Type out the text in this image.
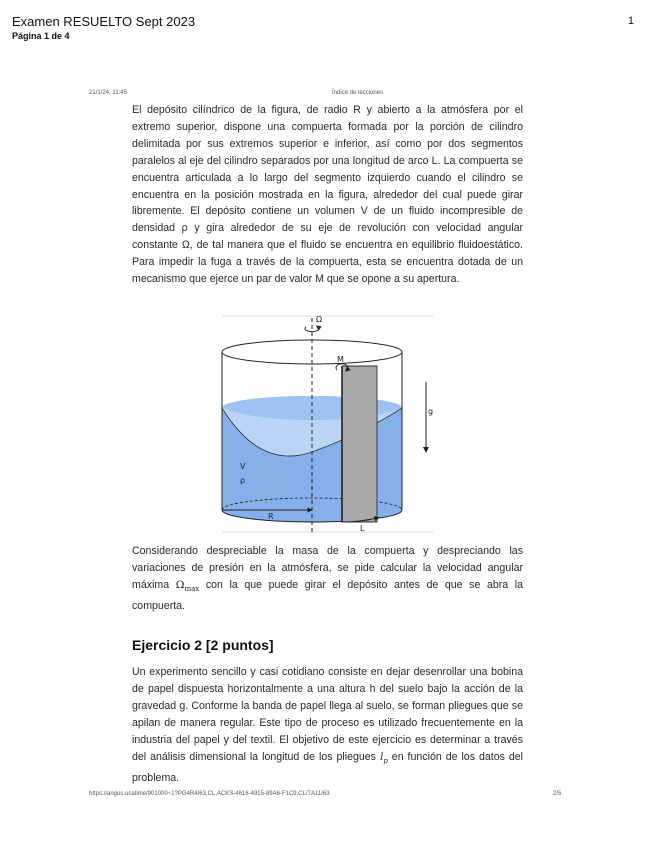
Examen RESUELTO Sept 2023
Página 1 de 4
1
21/1/24, 11:45	Índice de lecciones

El depósito cilíndrico de la figura, de radio R y abierto a la atmósfera por el extremo superior, dispone una compuerta formada por la porción de cilindro delimitada por sus extremos superior e inferior, así como por dos segmentos paralelos al eje del cilindro separados por una longitud de arco L. La compuerta se encuentra articulada a lo largo del segmento izquierdo cuando el cilindro se encuentra en la posición mostrada en la figura, alrededor del cual puede girar libremente. El depósito contiene un volumen V de un fluido incompresible de densidad ρ y gira alrededor de su eje de revolución con velocidad angular constante Ω, de tal manera que el fluido se encuentra en equilibrio fluidoestático. Para impedir la fuga a través de la compuerta, esta se encuentra dotada de un mecanismo que ejerce un par de valor M que se opone a su apertura.

Ω
M
g
V
ρ
R
L

Considerando despreciable la masa de la compuerta y despreciando las variaciones de presión en la atmósfera, se pide calcular la velocidad angular máxima $\Omega_{max}$ con la que puede girar el depósito antes de que se abra la compuerta.

Ejercicio 2 [2 puntos]

Un experimento sencillo y casi cotidiano consiste en dejar desenrollar una bobina de papel dispuesta horizontalmente a una altura h del suelo bajo la acción de la gravedad g. Conforme la banda de papel llega al suelo, se forman pliegues que se apilan de manera regular. Este tipo de proceso es utilizado frecuentemente en la industria del papel y del textil. El objetivo de este ejercicio es determinar a través del análisis dimensional la longitud de los pliegues $l_p$ en función de los datos del problema.

https://angus.ucatime/901000~1?PG4R4/63,CL,ACKS-4616-4915-89A6-F1C9,CL/7A11/63	2/5
